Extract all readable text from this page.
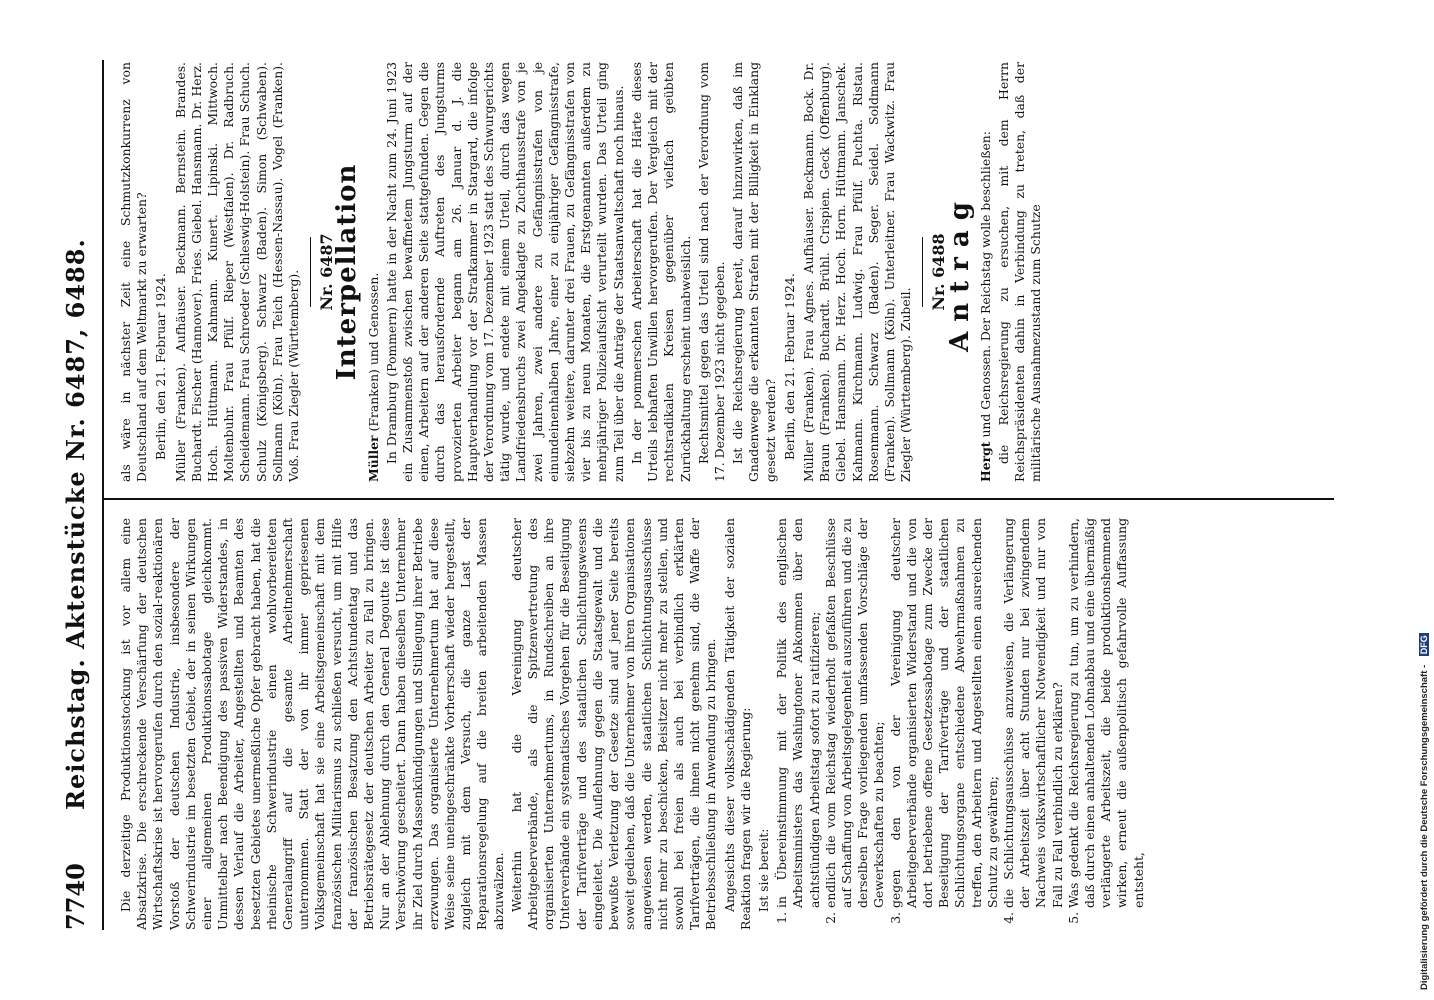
7740
Reichstag. Aktenstücke Nr. 6487, 6488. Die derzeitige Produktionsstockung ist vor allem eine Absatzkrise. Die erschreckende Verschärfung der deutschen Wirtschaftskrise ist hervorgerufen durch den sozial-reaktionären Vorstoß der deutschen Industrie, insbesondere der Schwerindustrie im besetzten Gebiet, der in seinen Wirkungen einer allgemeinen Produktionssabotage gleichkommt. Unmittelbar nach Beendigung des passiven Widerstandes, in dessen Verlauf die Arbeiter, Angestellten und Beamten des besetzten Gebietes unermeßliche Opfer gebracht haben, hat die rheinische Schwerindustrie einen wohlvorbereiteten Generalangriff auf die gesamte Arbeitnehmerschaft unternommen. Statt der von ihr immer gepriesenen Volksgemeinschaft hat sie eine Arbeitsgemeinschaft mit dem französischen Militarismus zu schließen versucht, um mit Hilfe der französischen Besatzung den Achtstundentag und das Betriebsrätegesetz der deutschen Arbeiter zu Fall zu bringen. Nur an der Ablehnung durch den General Degoutte ist diese Verschwörung gescheitert. Dann haben dieselben Unternehmer ihr Ziel durch Massenkündigungen und Stillegung ihrer Betriebe erzwungen. Das organisierte Unternehmertum hat auf diese Weise seine uneingeschränkte Vorherrschaft wieder hergestellt, zugleich mit dem Versuch, die ganze Last der Reparationsregelung auf die breiten arbeitenden Massen abzuwälzen. Weiterhin hat die Vereinigung deutscher Arbeitgeberverbände, als die Spitzenvertretung des organisierten Unternehmertums, in Rundschreiben an ihre Unterverbände ein systematisches Vorgehen für die Beseitigung der Tarifverträge und des staatlichen Schlichtungswesens eingeleitet. Die Auflehnung gegen die Staatsgewalt und die bewußte Verletzung der Gesetze sind auf jener Seite bereits soweit gediehen, daß die Unternehmer von ihren Organisationen angewiesen werden, die staatlichen Schlichtungsausschüsse nicht mehr zu beschicken, Beisitzer nicht mehr zu stellen, und sowohl bei freien als auch bei verbindlich erklärten Tarifverträgen, die ihnen nicht genehm sind, die Waffe der Betriebsschließung in Anwendung zu bringen. Angesichts dieser volksschädigenden Tätigkeit der sozialen Reaktion fragen wir die Regierung: Ist sie bereit: 1. in Übereinstimmung mit der Politik des englischen Arbeitsministers das Washingtoner Abkommen über den achtstündigen Arbeitstag sofort zu ratifizieren; 2. endlich die vom Reichstag wiederholt gefaßten Beschlüsse auf Schaffung von Arbeitsgelegenheit auszuführen und die zu derselben Frage vorliegenden umfassenden Vorschläge der Gewerkschaften zu beachten; 3. gegen den von der Vereinigung deutscher Arbeitgeberverbände organisierten Widerstand und die von dort betriebene offene Gesetzessabotage zum Zwecke der Beseitigung der Tarifverträge und der staatlichen Schlichtungsorgane entschiedene Abwehrmaßnahmen zu treffen, den Arbeitern und Angestellten einen ausreichenden Schutz zu gewähren; 4. die Schlichtungsausschüsse anzuweisen, die Verlängerung der Arbeitszeit über acht Stunden nur bei zwingendem Nachweis volkswirtschaftlicher Notwendigkeit und nur von Fall zu Fall verbindlich zu erklären? 5. Was gedenkt die Reichsregierung zu tun, um zu verhindern, daß durch einen anhaltenden Lohnabbau und eine übermäßig verlängerte Arbeitszeit, die beide produktionshemmend wirken, erneut die außenpolitisch gefahrvolle Auffassung entsteht,

als wäre in nächster Zeit eine Schmutzkonkurrenz von Deutschland auf dem Weltmarkt zu erwarten? Berlin, den 21. Februar 1924. Müller (Franken). Aufhäuser. Beckmann. Bernstein. Brandes. Buchardt. Fischer (Hannover). Fries. Giebel. Hansmann. Dr. Herz. Hoch. Hüttmann. Kahmann. Kunert. Lipinski. Mittwoch. Moltenbuhr. Frau Pfülf. Rieper (Westfalen). Dr. Radbruch. Scheidemann. Frau Schroeder (Schleswig-Holstein). Frau Schuch. Schulz (Königsberg). Schwarz (Baden). Simon (Schwaben). Sollmann (Köln). Frau Teich (Hessen-Nassau). Vogel (Franken). Voß. Frau Ziegler (Württemberg). Nr. 6487
Interpellation

Müller (Franken) und Genossen. In Dramburg (Pommern) hatte in der Nacht zum 24. Juni 1923 ein Zusammenstoß zwischen bewaffnetem Jungsturm auf der einen, Arbeitern auf der anderen Seite stattgefunden. Gegen die durch das herausfordernde Auftreten des Jungsturms provozierten Arbeiter begann am 26. Januar d. J. die Hauptverhandlung vor der Strafkammer in Stargard, die infolge der Verordnung vom 17. Dezember 1923 statt des Schwurgerichts tätig wurde, und endete mit einem Urteil, durch das wegen Landfriedensbruchs zwei Angeklagte zu Zuchthausstrafe von je zwei Jahren, zwei andere zu Gefängnisstrafen von je einundeinenhalben Jahre, einer zu einjähriger Gefängnisstrafe, siebzehn weitere, darunter drei Frauen, zu Gefängnisstrafen von vier bis zu neun Monaten, die Erstgenannten außerdem zu mehrjähriger Polizeiaufsicht verurteilt wurden. Das Urteil ging zum Teil über die Anträge der Staatsanwaltschaft noch hinaus. In der pommerschen Arbeiterschaft hat die Härte dieses Urteils lebhaften Unwillen hervorgerufen. Der Vergleich mit der rechtsradikalen Kreisen gegenüber vielfach geübten Zurückhaltung erscheint unabweislich. Rechtsmittel gegen das Urteil sind nach der Verordnung vom 17. Dezember 1923 nicht gegeben. Ist die Reichsregierung bereit, darauf hinzuwirken, daß im Gnadenwege die erkannten Strafen mit der Billigkeit in Einklang gesetzt werden? Berlin, den 21. Februar 1924. Müller (Franken). Frau Agnes. Aufhäuser. Beckmann. Bock. Dr. Braun (Franken). Buchardt. Brühl. Crispien. Geck (Offenburg). Giebel. Hansmann. Dr. Herz. Hoch. Horn. Hüttmann. Janschek. Kahmann. Kirchmann. Ludwig. Frau Pfülf. Puchta. Ristau. Rosenmann. Schwarz (Baden). Seger. Seidel. Soldmann (Franken). Sollmann (Köln). Unterleitner. Frau Wackwitz. Frau Ziegler (Württemberg). Zubeil.
Nr. 6488
Antrag

Hergt und Genossen. Der Reichstag wolle beschließen: die Reichsregierung zu ersuchen, mit dem Herrn Reichspräsidenten dahin in Verbindung zu treten, daß der militärische Ausnahmezustand zum Schutze

Digitalisierung gefördert durch die Deutsche Forschungsgemeinschaft - DFG
